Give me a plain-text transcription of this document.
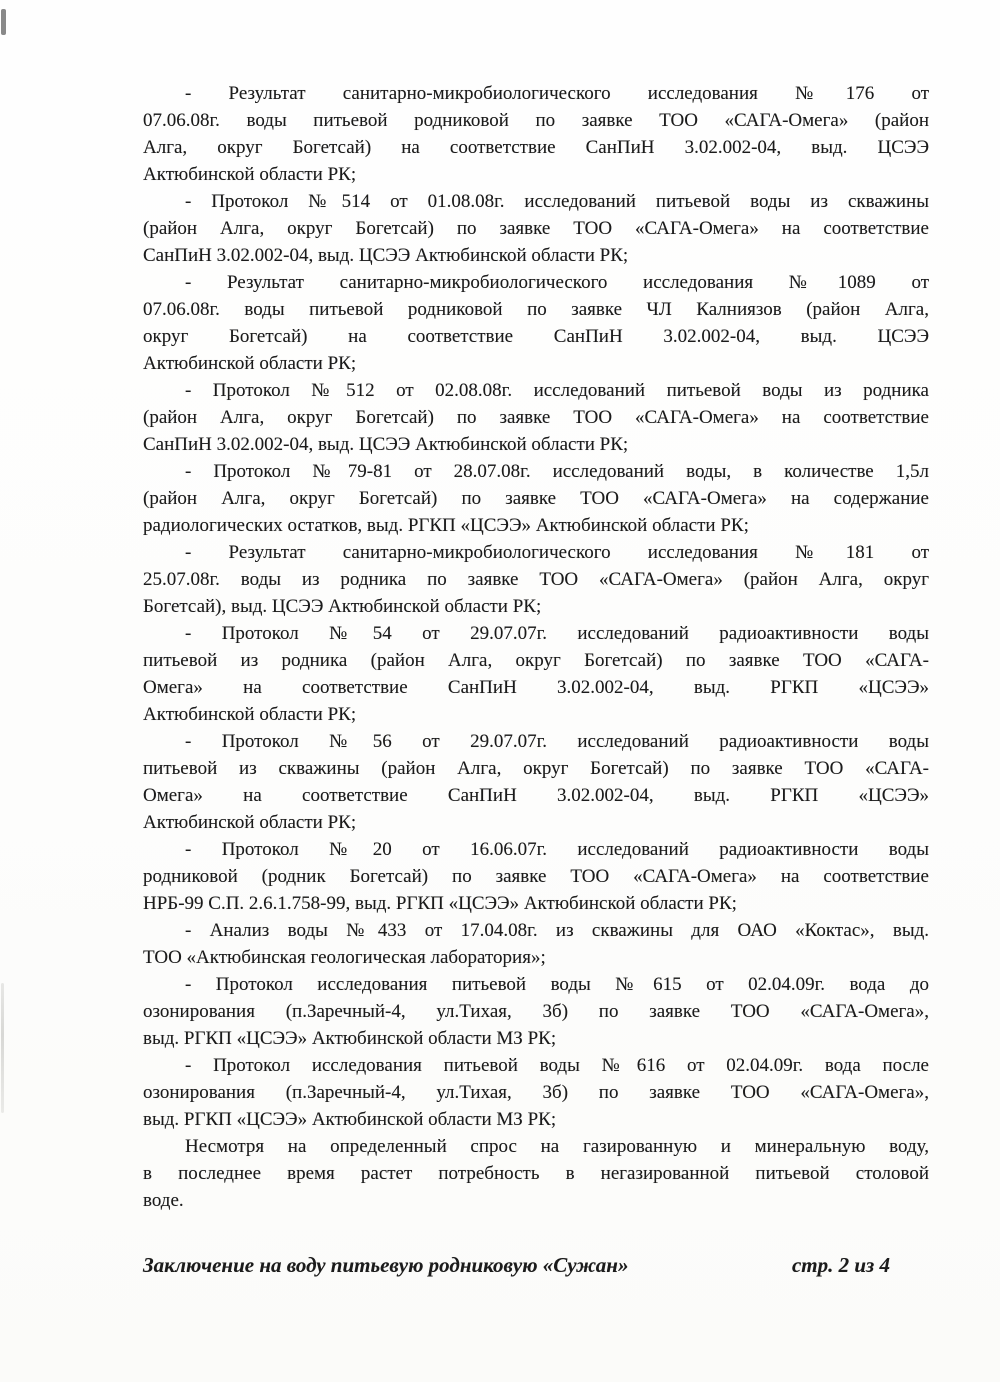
- Результат санитарно-микробиологического исследования №176 от
07.06.08г. воды питьевой родниковой по заявке ТОО «САГА-Омега» (район
Алга, округ Богетсай) на соответствие СанПиН 3.02.002-04, выд. ЦСЭЭ
Актюбинской области РК;

- Протокол №514 от 01.08.08г. исследований питьевой воды из скважины
(район Алга, округ Богетсай) по заявке ТОО «САГА-Омега» на соответствие
СанПиН 3.02.002-04, выд. ЦСЭЭ Актюбинской области РК;

- Результат санитарно-микробиологического исследования №1089 от
07.06.08г. воды питьевой родниковой по заявке ЧЛ Калниязов (район Алга,
округ Богетсай) на соответствие СанПиН 3.02.002-04, выд. ЦСЭЭ
Актюбинской области РК;

- Протокол №512 от 02.08.08г. исследований питьевой воды из родника
(район Алга, округ Богетсай) по заявке ТОО «САГА-Омега» на соответствие
СанПиН 3.02.002-04, выд. ЦСЭЭ Актюбинской области РК;

- Протокол №79-81 от 28.07.08г. исследований воды, в количестве 1,5л
(район Алга, округ Богетсай) по заявке ТОО «САГА-Омега» на содержание
радиологических остатков, выд. РГКП «ЦСЭЭ» Актюбинской области РК;

- Результат санитарно-микробиологического исследования №181 от
25.07.08г. воды из родника по заявке ТОО «САГА-Омега» (район Алга, округ
Богетсай), выд. ЦСЭЭ Актюбинской области РК;

- Протокол №54 от 29.07.07г. исследований радиоактивности воды
питьевой из родника (район Алга, округ Богетсай) по заявке ТОО «САГА-
Омега» на соответствие СанПиН 3.02.002-04, выд. РГКП «ЦСЭЭ»
Актюбинской области РК;

- Протокол №56 от 29.07.07г. исследований радиоактивности воды
питьевой из скважины (район Алга, округ Богетсай) по заявке ТОО «САГА-
Омега» на соответствие СанПиН 3.02.002-04, выд. РГКП «ЦСЭЭ»
Актюбинской области РК;

- Протокол №20 от 16.06.07г. исследований радиоактивности воды
родниковой (родник Богетсай) по заявке ТОО «САГА-Омега» на соответствие
НРБ-99 С.П. 2.6.1.758-99, выд. РГКП «ЦСЭЭ» Актюбинской области РК;

- Анализ воды №433 от 17.04.08г. из скважины для ОАО «Коктас», выд.
ТОО «Актюбинская геологическая лаборатория»;

- Протокол исследования питьевой воды №615 от 02.04.09г. вода до
озонирования (п.Заречный-4, ул.Тихая, 3б) по заявке ТОО «САГА-Омега»,
выд. РГКП «ЦСЭЭ» Актюбинской области МЗ РК;

- Протокол исследования питьевой воды №616 от 02.04.09г. вода после
озонирования (п.Заречный-4, ул.Тихая, 3б) по заявке ТОО «САГА-Омега»,
выд. РГКП «ЦСЭЭ» Актюбинской области МЗ РК;

Несмотря на определенный спрос на газированную и минеральную воду,
в последнее время растет потребность в негазированной питьевой столовой
воде.

Заключение на воду питьевую родниковую «Сужан»	стр. 2 из 4
